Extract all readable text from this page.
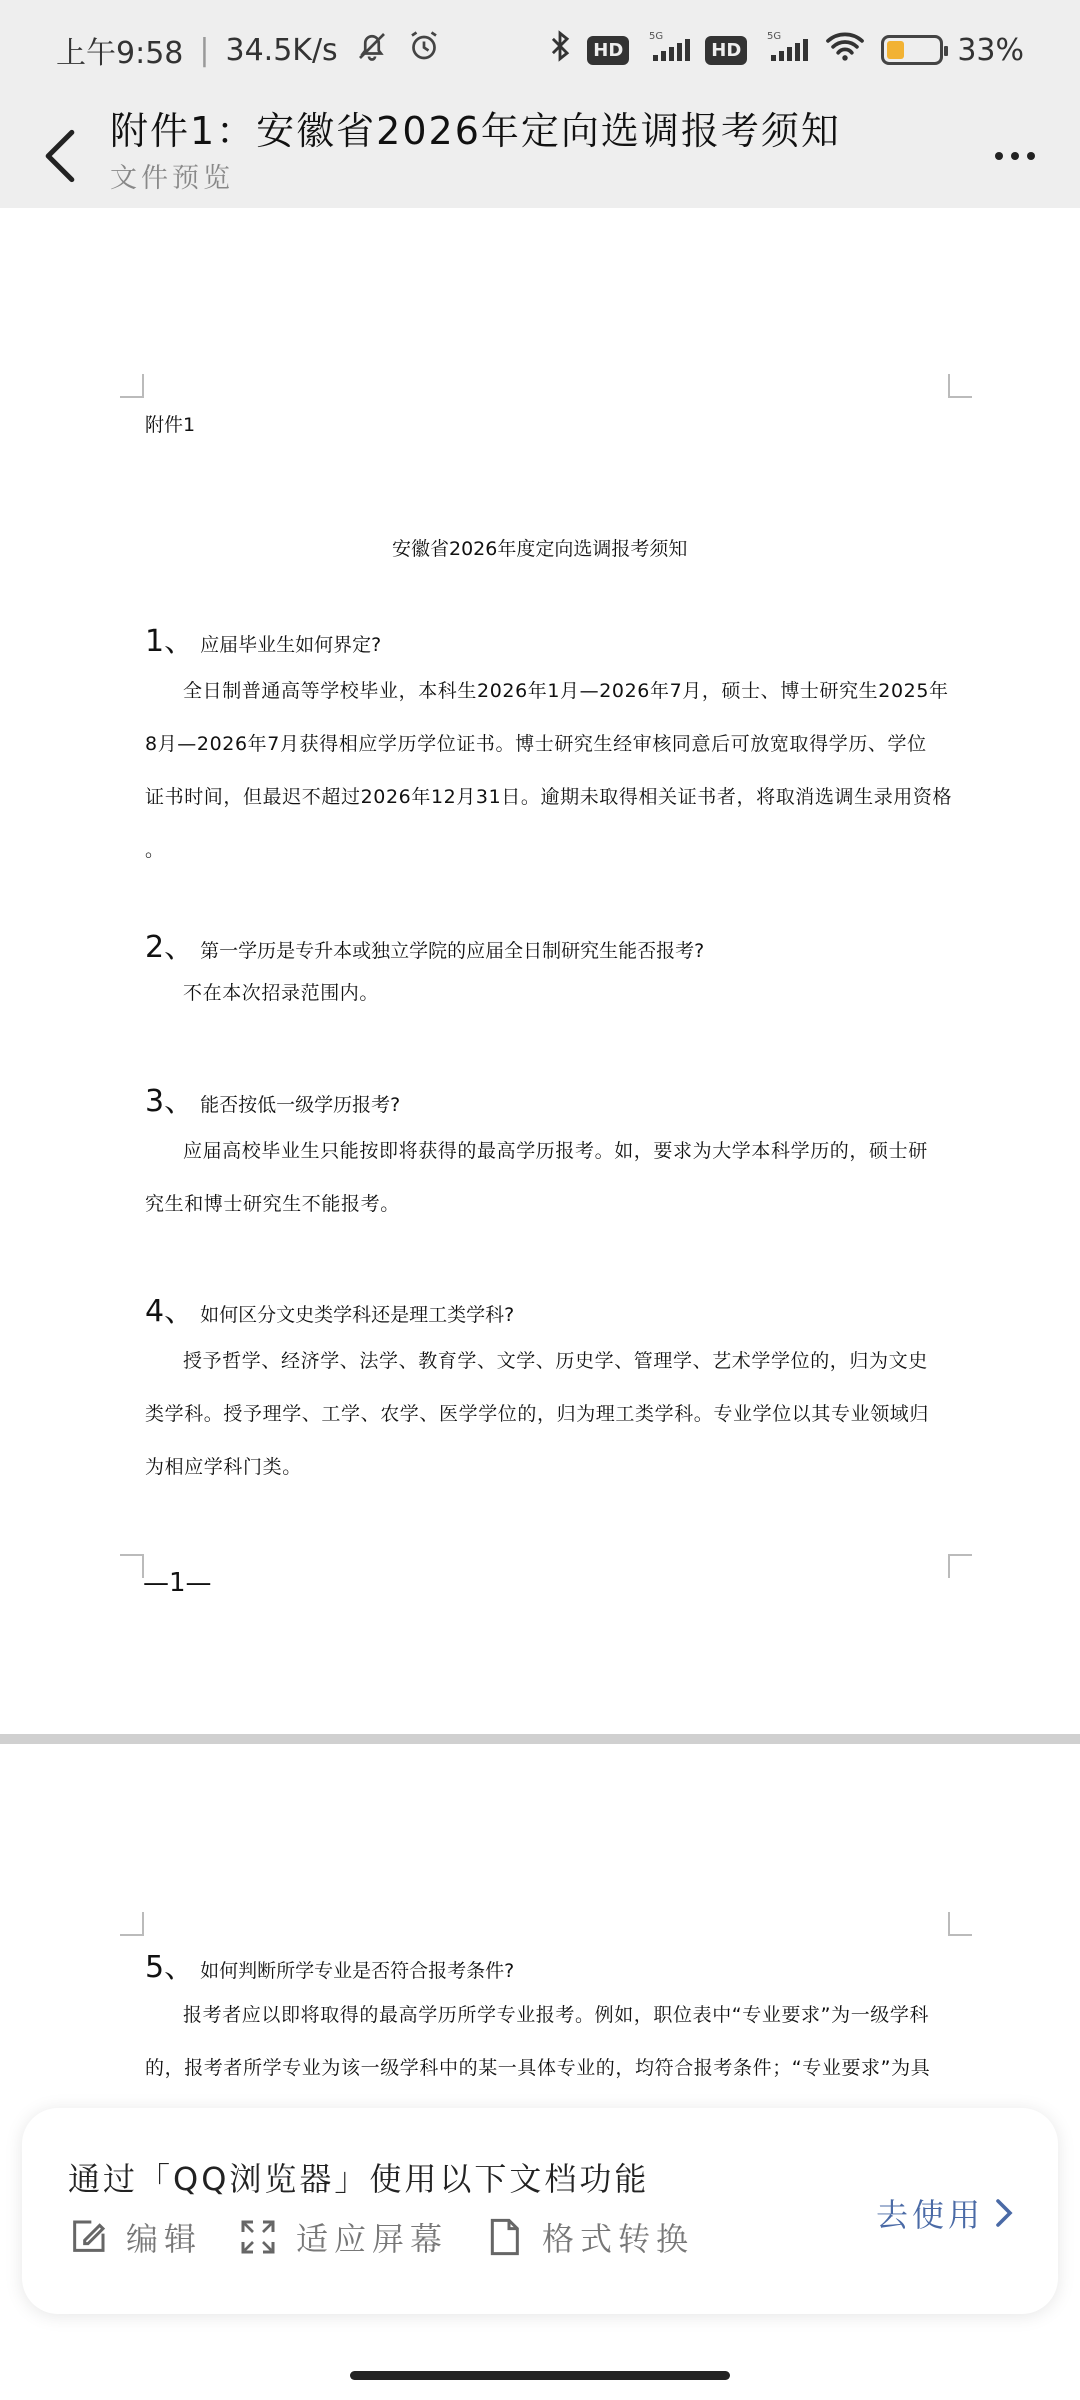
上午9:58 | 34.5K/s	HD
5G
HD
5G	33%
附件1：安徽省2026年定向选调报考须知
文件预览
附件1
安徽省2026年度定向选调报考须知
1、 应届毕业生如何界定?
全日制普通高等学校毕业，本科生2026年1月—2026年7月，硕士、博士研究生2025年
8月—2026年7月获得相应学历学位证书。博士研究生经审核同意后可放宽取得学历、学位
证书时间，但最迟不超过2026年12月31日。逾期未取得相关证书者，将取消选调生录用资格
。
2、 第一学历是专升本或独立学院的应届全日制研究生能否报考?
不在本次招录范围内。
3、 能否按低一级学历报考?
应届高校毕业生只能按即将获得的最高学历报考。如，要求为大学本科学历的，硕士研
究生和博士研究生不能报考。
4、 如何区分文史类学科还是理工类学科?
授予哲学、经济学、法学、教育学、文学、历史学、管理学、艺术学学位的，归为文史
类学科。授予理学、工学、农学、医学学位的，归为理工类学科。专业学位以其专业领域归
为相应学科门类。
—1—
5、 如何判断所学专业是否符合报考条件?
报考者应以即将取得的最高学历所学专业报考。例如，职位表中“专业要求”为一级学科
的，报考者所学专业为该一级学科中的某一具体专业的，均符合报考条件；“专业要求”为具
通过「QQ浏览器」使用以下文档功能
编辑	适应屏幕	格式转换
去使用
